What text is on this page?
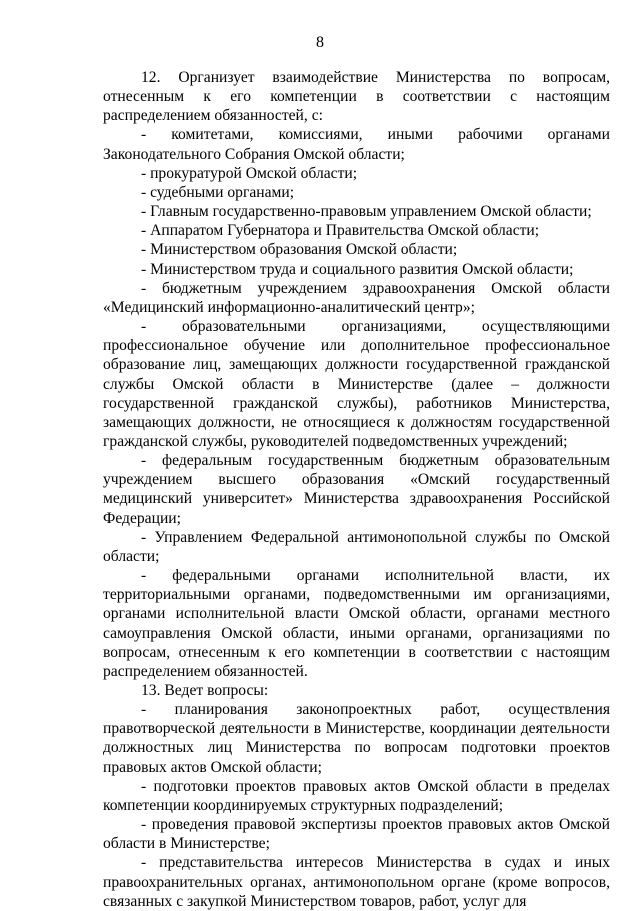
8

12. Организует взаимодействие Министерства по вопросам, отнесенным к его компетенции в соответствии с настоящим распределением обязанностей, с:

- комитетами, комиссиями, иными рабочими органами Законодательного Собрания Омской области;

- прокуратурой Омской области;

- судебными органами;

- Главным государственно-правовым управлением Омской области;

- Аппаратом Губернатора и Правительства Омской области;

- Министерством образования Омской области;

- Министерством труда и социального развития Омской области;

- бюджетным учреждением здравоохранения Омской области «Медицинский информационно-аналитический центр»;

- образовательными организациями, осуществляющими профессиональное обучение или дополнительное профессиональное образование лиц, замещающих должности государственной гражданской службы Омской области в Министерстве (далее – должности государственной гражданской службы), работников Министерства, замещающих должности, не относящиеся к должностям государственной гражданской службы, руководителей подведомственных учреждений;

- федеральным государственным бюджетным образовательным учреждением высшего образования «Омский государственный медицинский университет» Министерства здравоохранения Российской Федерации;

- Управлением Федеральной антимонопольной службы по Омской области;

- федеральными органами исполнительной власти, их территориальными органами, подведомственными им организациями, органами исполнительной власти Омской области, органами местного самоуправления Омской области, иными органами, организациями по вопросам, отнесенным к его компетенции в соответствии с настоящим распределением обязанностей.

13. Ведет вопросы:

- планирования законопроектных работ, осуществления правотворческой деятельности в Министерстве, координации деятельности должностных лиц Министерства по вопросам подготовки проектов правовых актов Омской области;

- подготовки проектов правовых актов Омской области в пределах компетенции координируемых структурных подразделений;

- проведения правовой экспертизы проектов правовых актов Омской области в Министерстве;

- представительства интересов Министерства в судах и иных правоохранительных органах, антимонопольном органе (кроме вопросов, связанных с закупкой Министерством товаров, работ, услуг для
